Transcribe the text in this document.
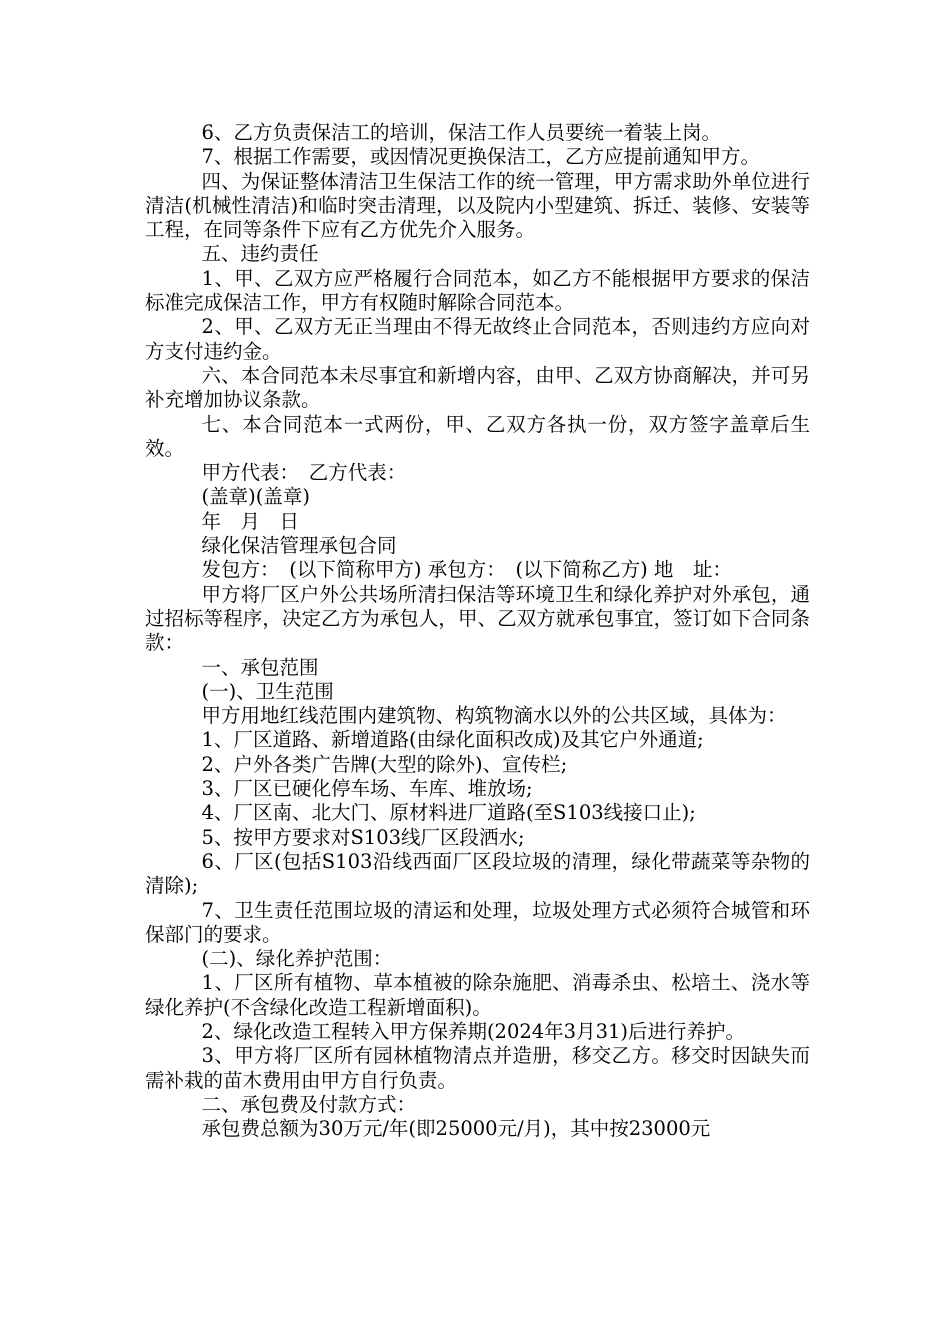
6、乙方负责保洁工的培训，保洁工作人员要统一着装上岗。

7、根据工作需要，或因情况更换保洁工，乙方应提前通知甲方。

四、为保证整体清洁卫生保洁工作的统一管理，甲方需求助外单位进行清洁(机械性清洁)和临时突击清理，以及院内小型建筑、拆迁、装修、安装等工程，在同等条件下应有乙方优先介入服务。

五、违约责任

1、甲、乙双方应严格履行合同范本，如乙方不能根据甲方要求的保洁标准完成保洁工作，甲方有权随时解除合同范本。

2、甲、乙双方无正当理由不得无故终止合同范本，否则违约方应向对方支付违约金。

六、本合同范本未尽事宜和新增内容，由甲、乙双方协商解决，并可另补充增加协议条款。

七、本合同范本一式两份，甲、乙双方各执一份，双方签字盖章后生效。

甲方代表：　乙方代表：

(盖章)(盖章)

年　月　日

绿化保洁管理承包合同

发包方：　(以下简称甲方) 承包方：　(以下简称乙方) 地　址：

甲方将厂区户外公共场所清扫保洁等环境卫生和绿化养护对外承包，通过招标等程序，决定乙方为承包人，甲、乙双方就承包事宜，签订如下合同条款：

一、承包范围

(一)、卫生范围

甲方用地红线范围内建筑物、构筑物滴水以外的公共区域，具体为：

1、厂区道路、新增道路(由绿化面积改成)及其它户外通道;

2、户外各类广告牌(大型的除外)、宣传栏;

3、厂区已硬化停车场、车库、堆放场;

4、厂区南、北大门、原材料进厂道路(至S103线接口止);

5、按甲方要求对S103线厂区段洒水;

6、厂区(包括S103沿线西面厂区段垃圾的清理，绿化带蔬菜等杂物的清除);

7、卫生责任范围垃圾的清运和处理，垃圾处理方式必须符合城管和环保部门的要求。

(二)、绿化养护范围：

1、厂区所有植物、草本植被的除杂施肥、消毒杀虫、松培土、浇水等绿化养护(不含绿化改造工程新增面积)。

2、绿化改造工程转入甲方保养期(2024年3月31)后进行养护。

3、甲方将厂区所有园林植物清点并造册，移交乙方。移交时因缺失而需补栽的苗木费用由甲方自行负责。

二、承包费及付款方式：

承包费总额为30万元/年(即25000元/月)，其中按23000元
